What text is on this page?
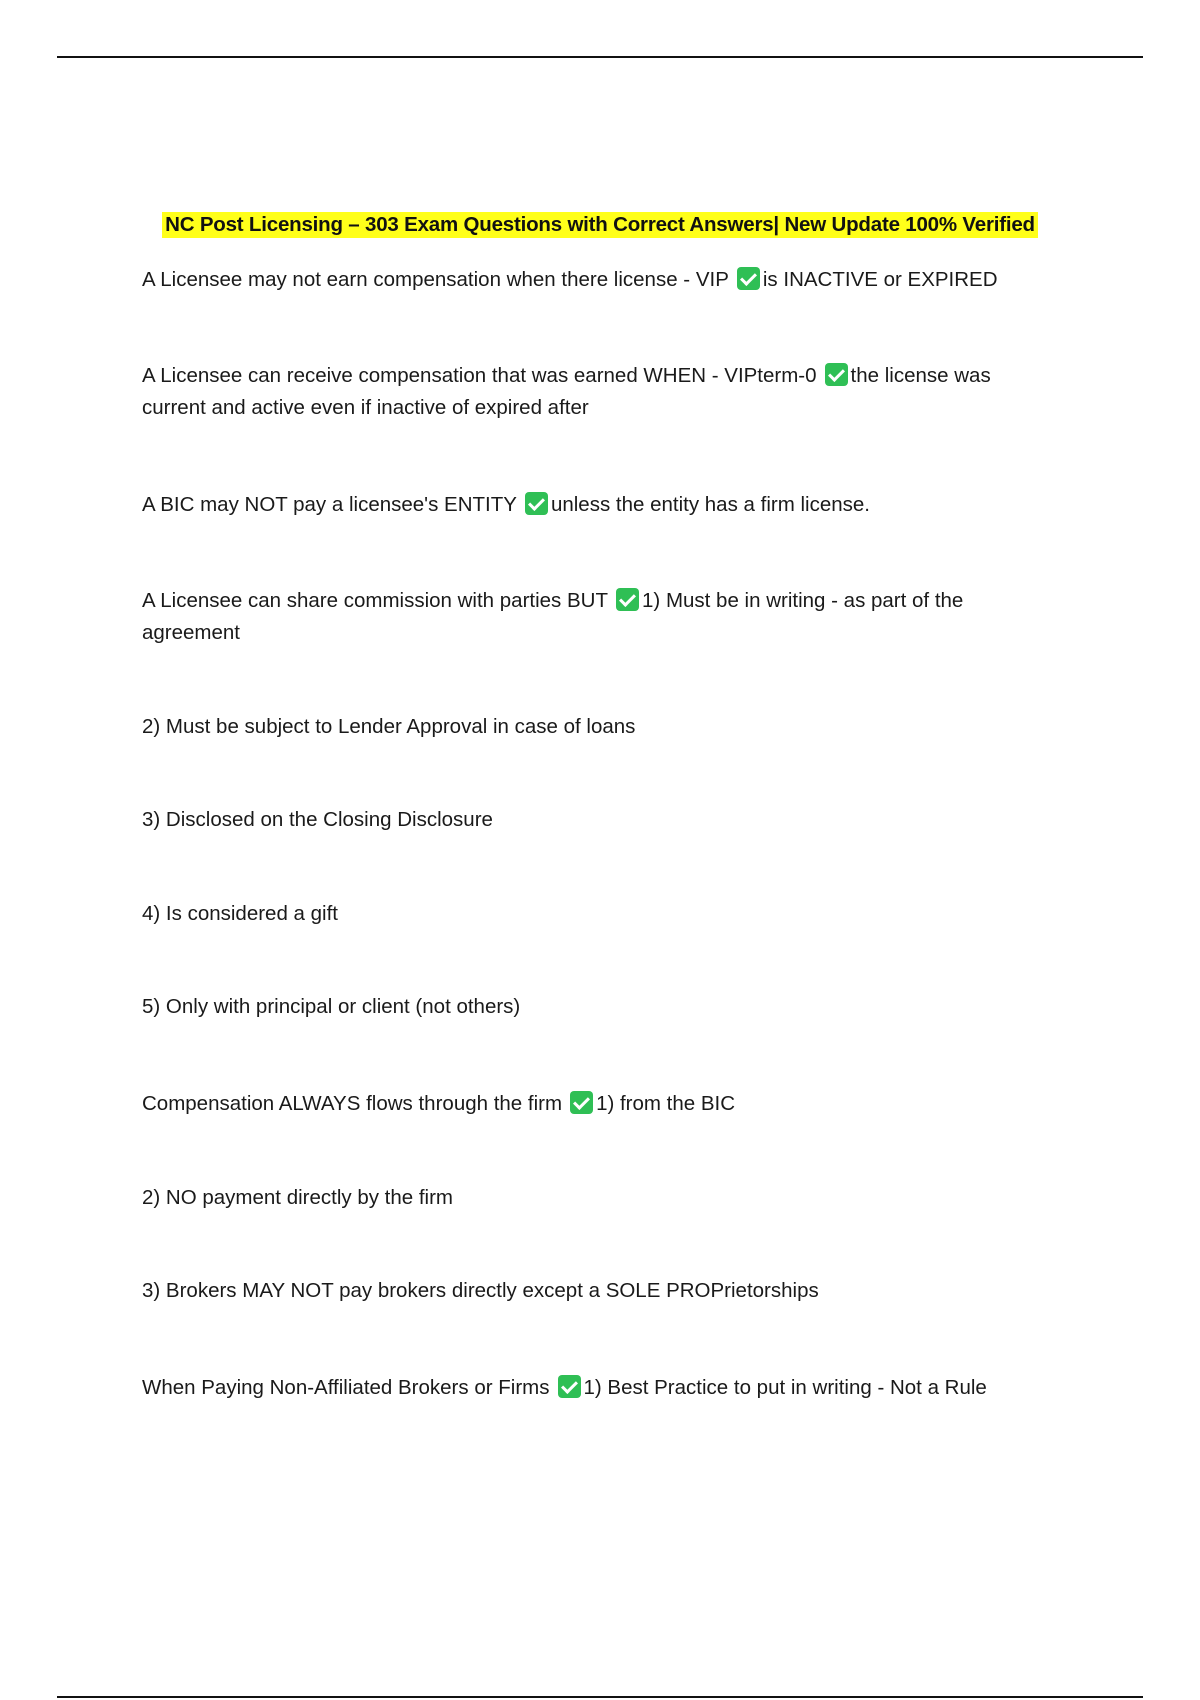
NC Post Licensing – 303 Exam Questions with Correct Answers| New Update 100% Verified
A Licensee may not earn compensation when there license - VIP is INACTIVE or EXPIRED
A Licensee can receive compensation that was earned WHEN - VIPterm-0 the license was
current and active even if inactive of expired after
A BIC may NOT pay a licensee's ENTITY unless the entity has a firm license.
A Licensee can share commission with parties BUT 1) Must be in writing - as part of the
agreement
2) Must be subject to Lender Approval in case of loans
3) Disclosed on the Closing Disclosure
4) Is considered a gift
5) Only with principal or client (not others)
Compensation ALWAYS flows through the firm 1) from the BIC
2) NO payment directly by the firm
3) Brokers MAY NOT pay brokers directly except a SOLE PROPrietorships
When Paying Non-Affiliated Brokers or Firms 1) Best Practice to put in writing - Not a Rule
